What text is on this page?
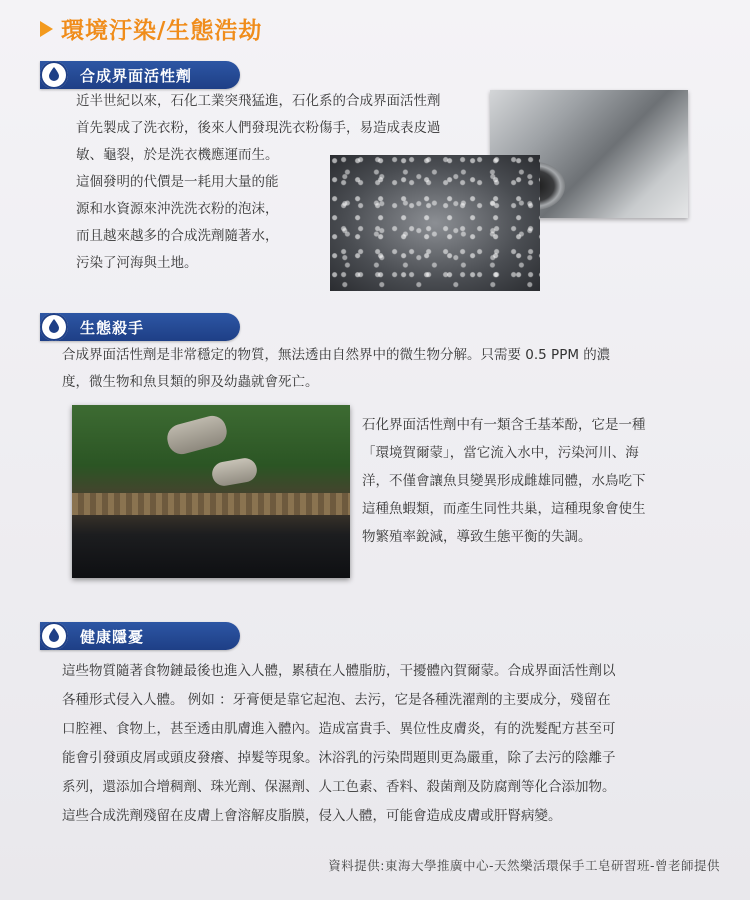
環境汙染/生態浩劫
合成界面活性劑

近半世紀以來，石化工業突飛猛進，石化系的合成界面活性劑

首先製成了洗衣粉，後來人們發現洗衣粉傷手，易造成表皮過

敏、龜裂，於是洗衣機應運而生。

這個發明的代價是一耗用大量的能

源和水資源來沖洗洗衣粉的泡沫，

而且越來越多的合成洗劑隨著水，

污染了河海與土地。

生態殺手

合成界面活性劑是非常穩定的物質，無法透由自然界中的微生物分解。只需要 0.5 PPM 的濃

度，微生物和魚貝類的卵及幼蟲就會死亡。

石化界面活性劑中有一類含壬基苯酚，它是一種

「環境賀爾蒙」，當它流入水中，污染河川、海

洋，不僅會讓魚貝變異形成雌雄同體，水鳥吃下

這種魚蝦類，而產生同性共巢，這種現象會使生

物繁殖率銳減，導致生態平衡的失調。

健康隱憂

這些物質隨著食物鏈最後也進入人體，累積在人體脂肪，干擾體內賀爾蒙。合成界面活性劑以

各種形式侵入人體。 例如 ：牙膏便是靠它起泡、去污，它是各種洗濯劑的主要成分，殘留在

口腔裡、食物上，甚至透由肌膚進入體內。造成富貴手、異位性皮膚炎，有的洗髮配方甚至可

能會引發頭皮屑或頭皮發癢、掉髮等現象。沐浴乳的污染問題則更為嚴重，除了去污的陰離子

系列，還添加合增稠劑、珠光劑、保濕劑、人工色素、香料、殺菌劑及防腐劑等化合添加物。

這些合成洗劑殘留在皮膚上會溶解皮脂膜，侵入人體，可能會造成皮膚或肝腎病變。

資料提供:東海大學推廣中心-天然樂活環保手工皂研習班-曾老師提供
